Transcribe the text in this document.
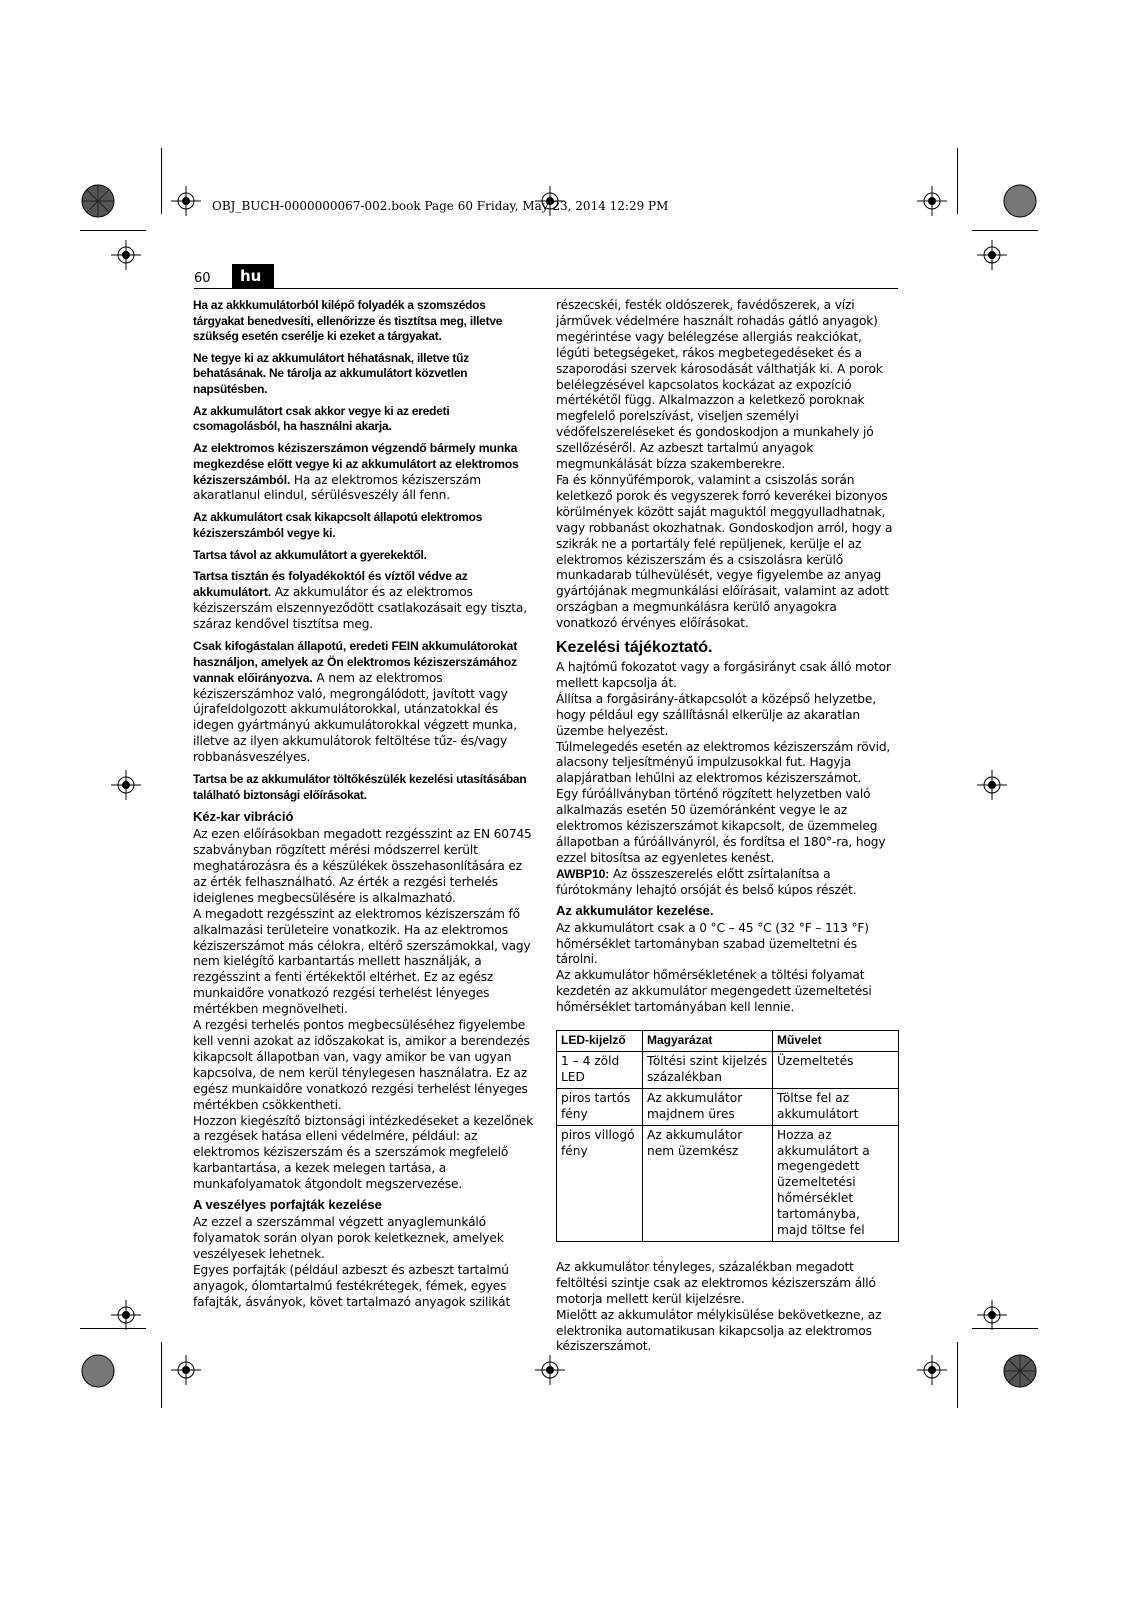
OBJ_BUCH-0000000067-002.book Page 60 Friday, May 23, 2014 12:29 PM
60	hu

Ha az akkkumulátorból kilépő folyadék a szomszédos tárgyakat benedvesíti, ellenőrizze és tisztítsa meg, illetve szükség esetén cserélje ki ezeket a tárgyakat.

Ne tegye ki az akkumulátort héhatásnak, illetve tűz behatásának. Ne tárolja az akkumulátort közvetlen napsütésben.

Az akkumulátort csak akkor vegye ki az eredeti csomagolásból, ha használni akarja.

Az elektromos kéziszerszámon végzendő bármely munka megkezdése előtt vegye ki az akkumulátort az elektromos kéziszerszámból. Ha az elektromos kéziszerszám akaratlanul elindul, sérülésveszély áll fenn.

Az akkumulátort csak kikapcsolt állapotú elektromos kéziszerszámból vegye ki.

Tartsa távol az akkumulátort a gyerekektől.

Tartsa tisztán és folyadékoktól és víztől védve az akkumulátort. Az akkumulátor és az elektromos kéziszerszám elszennyeződött csatlakozásait egy tiszta, száraz kendővel tisztítsa meg.

Csak kifogástalan állapotú, eredeti FEIN akkumulátorokat használjon, amelyek az Ön elektromos kéziszerszámához vannak előirányozva. A nem az elektromos kéziszerszámhoz való, megrongálódott, javított vagy újrafeldolgozott akkumulátorokkal, utánzatokkal és idegen gyártmányú akkumulátorokkal végzett munka, illetve az ilyen akkumulátorok feltöltése tűz- és/vagy robbanásveszélyes.

Tartsa be az akkumulátor töltőkészülék kezelési utasításában található biztonsági előírásokat.

Kéz-kar vibráció

Az ezen előírásokban megadott rezgésszint az EN 60745 szabványban rögzített mérési módszerrel került meghatározásra és a készülékek összehasonlítására ez az érték felhasználható. Az érték a rezgési terhelés ideiglenes megbecsülésére is alkalmazható.

A megadott rezgésszint az elektromos kéziszerszám fő alkalmazási területeire vonatkozik. Ha az elektromos kéziszerszámot más célokra, eltérő szerszámokkal, vagy nem kielégítő karbantartás mellett használják, a rezgésszint a fenti értékektől eltérhet. Ez az egész munkaidőre vonatkozó rezgési terhelést lényeges mértékben megnövelheti.

A rezgési terhelés pontos megbecsüléséhez figyelembe kell venni azokat az időszakokat is, amikor a berendezés kikapcsolt állapotban van, vagy amikor be van ugyan kapcsolva, de nem kerül ténylegesen használatra. Ez az egész munkaidőre vonatkozó rezgési terhelést lényeges mértékben csökkentheti.

Hozzon kiegészítő biztonsági intézkedéseket a kezelőnek a rezgések hatása elleni védelmére, például: az elektromos kéziszerszám és a szerszámok megfelelő karbantartása, a kezek melegen tartása, a munkafolyamatok átgondolt megszervezése.

A veszélyes porfajták kezelése

Az ezzel a szerszámmal végzett anyaglemunkáló folyamatok során olyan porok keletkeznek, amelyek veszélyesek lehetnek.

Egyes porfajták (például azbeszt és azbeszt tartalmú anyagok, ólomtartalmú festékrétegek, fémek, egyes fafajták, ásványok, követ tartalmazó anyagok szilikát

részecskéi, festék oldószerek, favédőszerek, a vízi járművek védelmére használt rohadás gátló anyagok) megérintése vagy belélegzése allergiás reakciókat, légúti betegségeket, rákos megbetegedéseket és a szaporodási szervek károsodását válthatják ki. A porok belélegzésével kapcsolatos kockázat az expozíció mértékétől függ. Alkalmazzon a keletkező poroknak megfelelő porelszívást, viseljen személyi védőfelszereléseket és gondoskodjon a munkahely jó szellőzéséről. Az azbeszt tartalmú anyagok megmunkálását bízza szakemberekre.

Fa és könnyűfémporok, valamint a csiszolás során keletkező porok és vegyszerek forró keverékei bizonyos körülmények között saját maguktól meggyulladhatnak, vagy robbanást okozhatnak. Gondoskodjon arról, hogy a szikrák ne a portartály felé repüljenek, kerülje el az elektromos kéziszerszám és a csiszolásra kerülő munkadarab túlhevülését, vegye figyelembe az anyag gyártójának megmunkálási előírásait, valamint az adott országban a megmunkálásra kerülő anyagokra vonatkozó érvényes előírásokat.

Kezelési tájékoztató.

A hajtómű fokozatot vagy a forgásirányt csak álló motor mellett kapcsolja át.

Állítsa a forgásirány-átkapcsolót a középső helyzetbe, hogy például egy szállításnál elkerülje az akaratlan üzembe helyezést.

Túlmelegedés esetén az elektromos kéziszerszám rövid, alacsony teljesítményű impulzusokkal fut. Hagyja alapjáratban lehűlni az elektromos kéziszerszámot.

Egy fúróállványban történő rögzített helyzetben való alkalmazás esetén 50 üzemóránként vegye le az elektromos kéziszerszámot kikapcsolt, de üzemmeleg állapotban a fúróállványról, és fordítsa el 180°-ra, hogy ezzel bitosítsa az egyenletes kenést.

AWBP10: Az összeszerelés előtt zsírtalanítsa a fúrótokmány lehajtó orsóját és belső kúpos részét.

Az akkumulátor kezelése.

Az akkumulátort csak a 0 °C – 45 °C (32 °F – 113 °F) hőmérséklet tartományban szabad üzemeltetni és tárolni.

Az akkumulátor hőmérsékletének a töltési folyamat kezdetén az akkumulátor megengedett üzemeltetési hőmérséklet tartományában kell lennie.

LED-kijelző	Magyarázat	Művelet
1 – 4 zöld LED	Töltési szint kijelzés százalékban	Üzemeltetés
piros tartós fény	Az akkumulátor majdnem üres	Töltse fel az akkumulátort
piros villogó fény	Az akkumulátor nem üzemkész	Hozza az akkumulátort a megengedett üzemeltetési hőmérséklet tartományba, majd töltse fel

Az akkumulátor tényleges, százalékban megadott feltöltési szintje csak az elektromos kéziszerszám álló motorja mellett kerül kijelzésre.

Mielőtt az akkumulátor mélykisülése bekövetkezne, az elektronika automatikusan kikapcsolja az elektromos kéziszerszámot.
